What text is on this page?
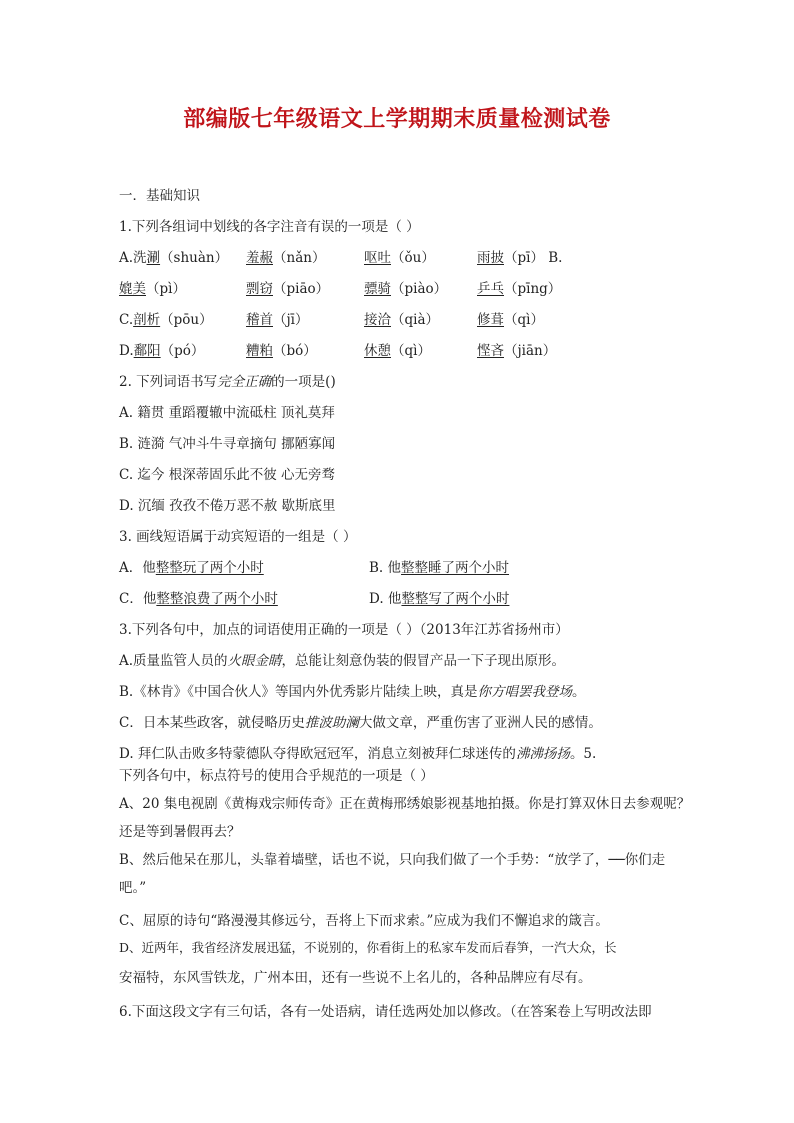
部编版七年级语文上学期期末质量检测试卷
一．基础知识
1.下列各组词中划线的各字注音有误的一项是（ ）
A.洗涮（shuàn） 羞赧（nǎn）	呕吐（ǒu）	雨披（pī） B.
媲美（pì）	剽窃（piāo）	骠骑（piào） 乒乓（pīng）
C.剖析（pōu） 稽首（jī）	接洽（qià）	修葺（qì）
D.鄱阳（pó）	糟粕（bó）	休憩（qì）	悭吝（jiān）
2. 下列词语书写完全正确的一项是()
A. 籍贯 重蹈覆辙中流砥柱 顶礼莫拜
B. 涟漪 气冲斗牛寻章摘句 挪陋寡闻
C. 迄今 根深蒂固乐此不彼 心无旁骛
D. 沉缅 孜孜不倦万恶不赦 歇斯底里
3. 画线短语属于动宾短语的一组是（ ）
A．他整整玩了两个小时	B. 他整整睡了两个小时
C．他整整浪费了两个小时	D. 他整整写了两个小时
3.下列各句中，加点的词语使用正确的一项是（ ）（2013年江苏省扬州市）
A.质量监管人员的火眼金睛，总能让刻意伪装的假冒产品一下子现出原形。
B.《林肯》《中国合伙人》等国内外优秀影片陆续上映，真是你方唱罢我登场。
C．日本某些政客，就侵略历史推波助澜大做文章，严重伤害了亚洲人民的感情。
D. 拜仁队击败多特蒙德队夺得欧冠冠军，消息立刻被拜仁球迷传的沸沸扬扬。5.
下列各句中，标点符号的使用合乎规范的一项是（ ）
A、20 集电视剧《黄梅戏宗师传奇》正在黄梅邢绣娘影视基地拍摄。你是打算双休日去参观呢？
还是等到暑假再去？
B、然后他呆在那儿，头靠着墙壁，话也不说，只向我们做了一个手势：“放学了，──你们走
吧。”
C、屈原的诗句“路漫漫其修远兮，吾将上下而求索。”应成为我们不懈追求的箴言。
D、近两年，我省经济发展迅猛，不说别的，你看街上的私家车发而后春笋，一汽大众，长
安福特，东风雪铁龙，广州本田，还有一些说不上名儿的，各种品牌应有尽有。
6.下面这段文字有三句话，各有一处语病，请任选两处加以修改。（在答案卷上写明改法即
